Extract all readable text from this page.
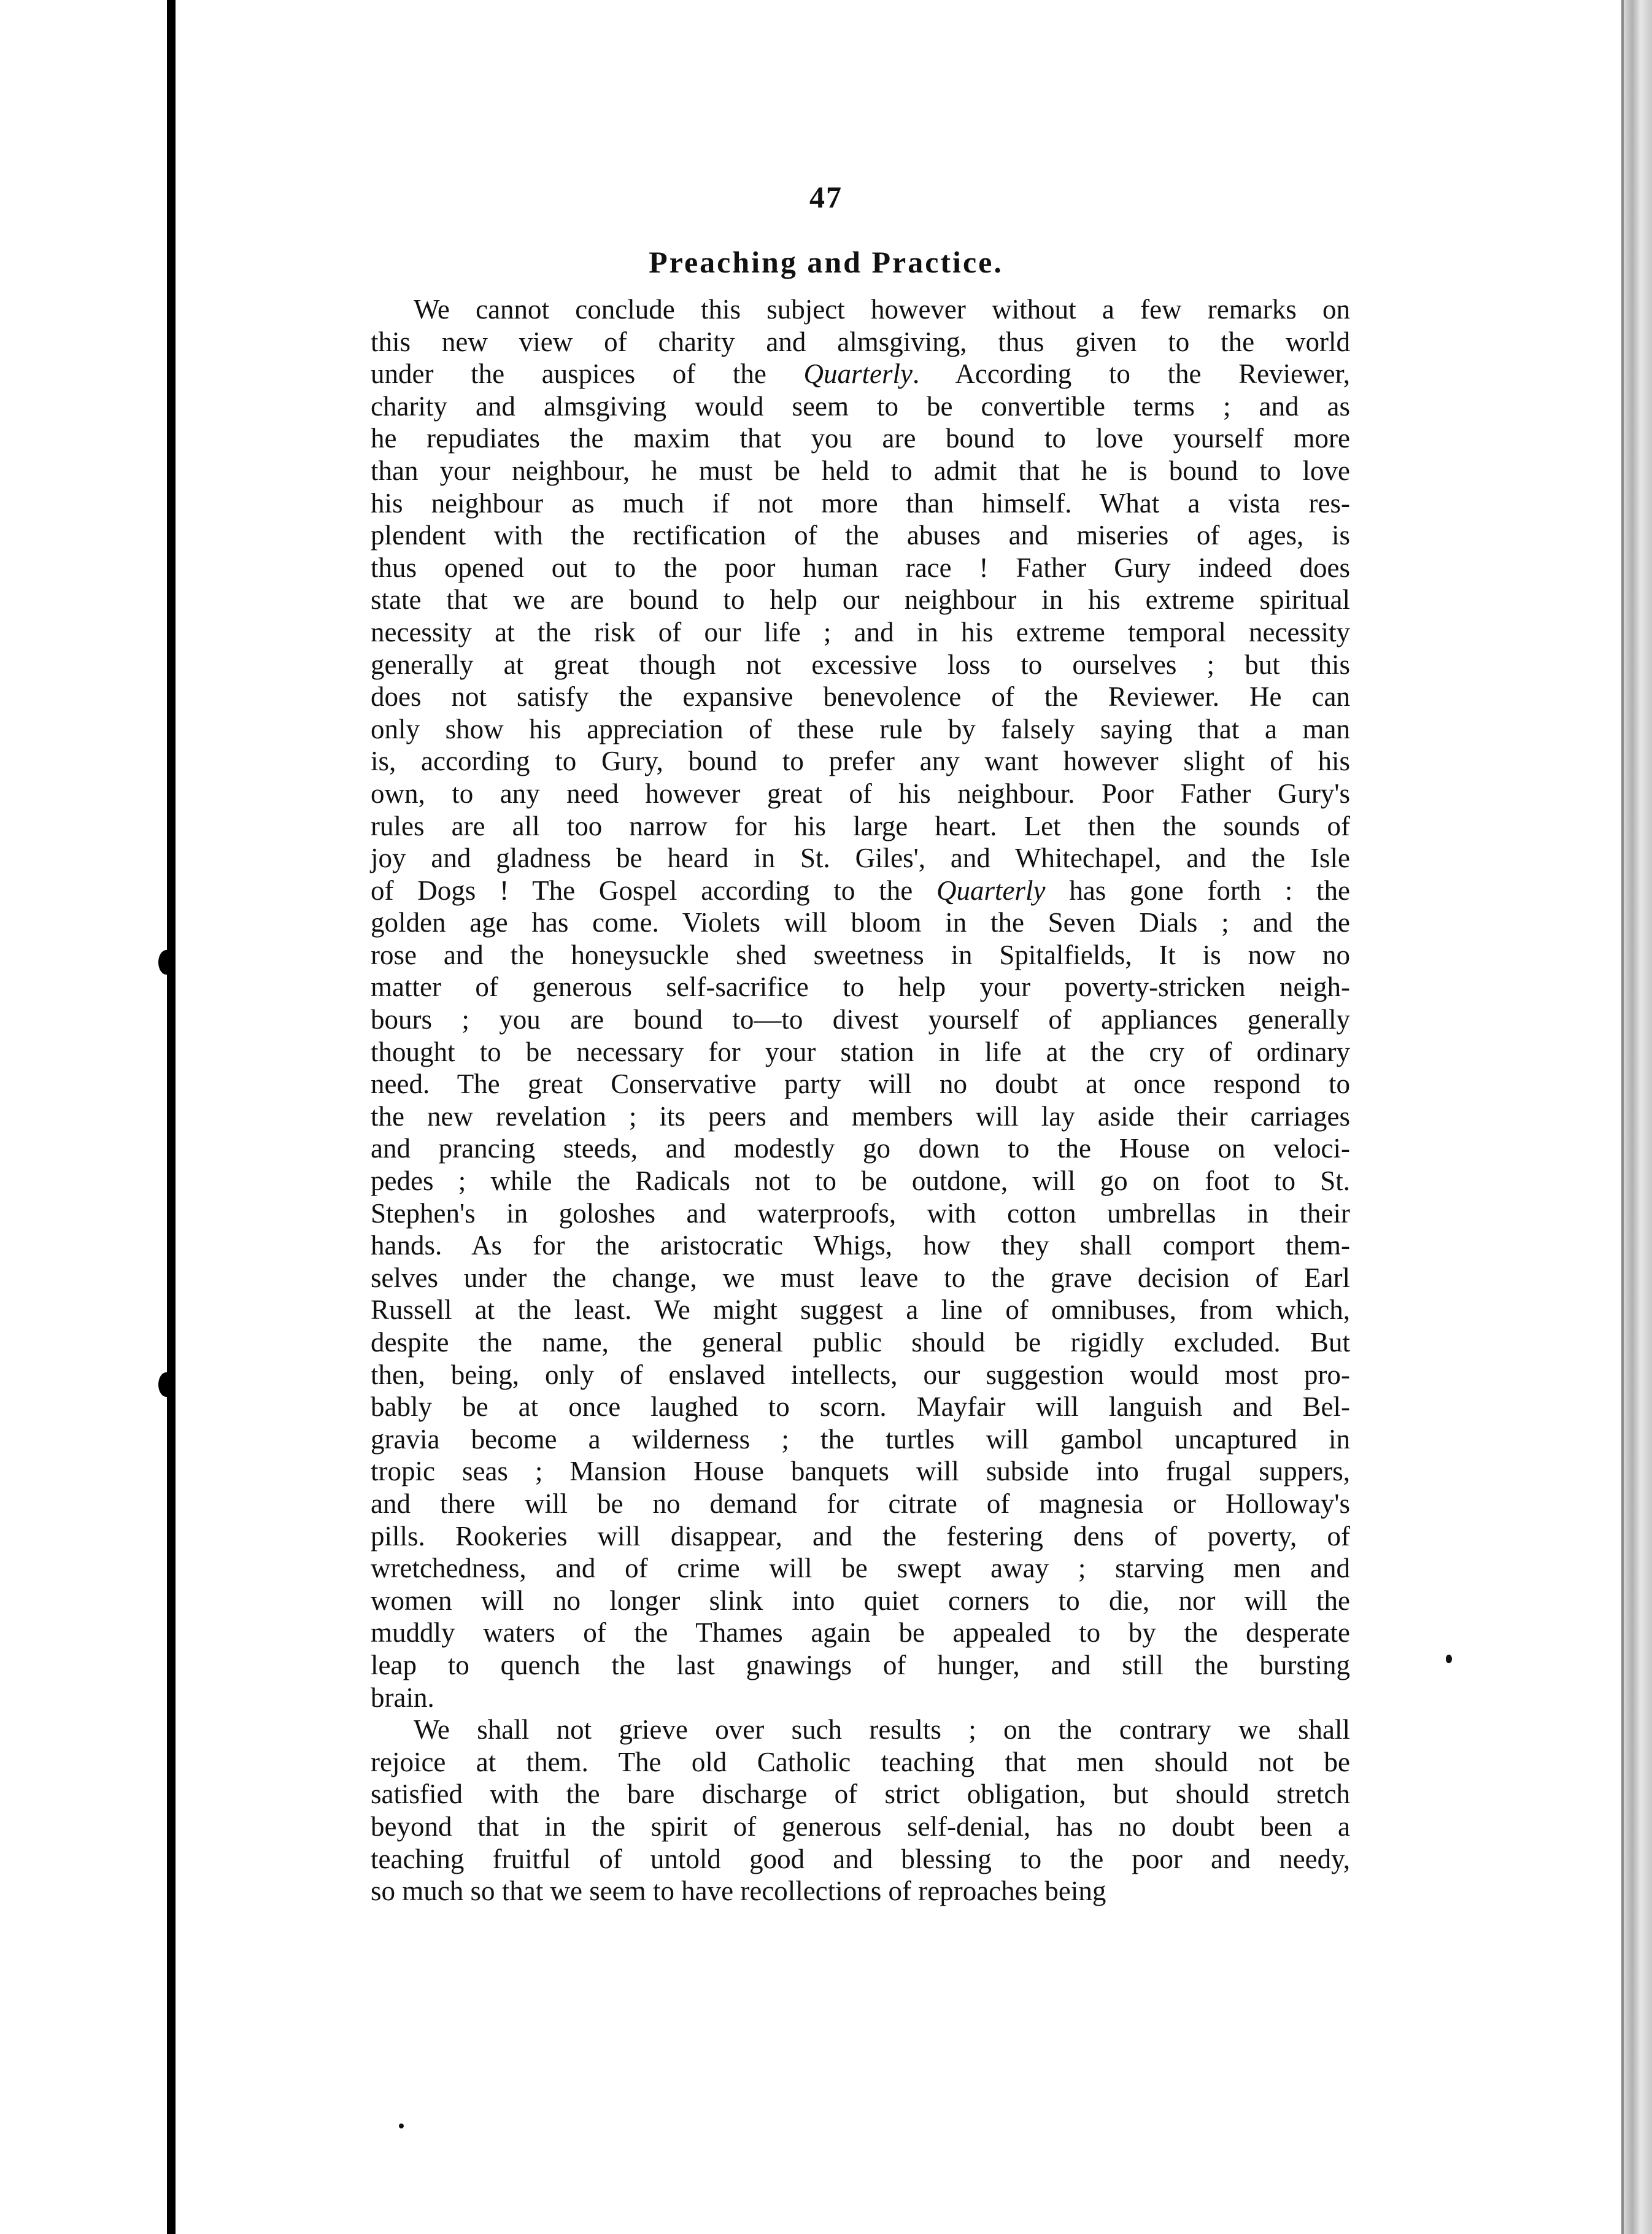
47
Preaching and Practice.
We cannot conclude this subject however without a few remarks on
this new view of charity and almsgiving, thus given to the world
under the auspices of the Quarterly. According to the Reviewer,
charity and almsgiving would seem to be convertible terms ; and as
he repudiates the maxim that you are bound to love yourself more
than your neighbour, he must be held to admit that he is bound to love
his neighbour as much if not more than himself. What a vista res-
plendent with the rectification of the abuses and miseries of ages, is
thus opened out to the poor human race ! Father Gury indeed does
state that we are bound to help our neighbour in his extreme spiritual
necessity at the risk of our life ; and in his extreme temporal necessity
generally at great though not excessive loss to ourselves ; but this
does not satisfy the expansive benevolence of the Reviewer. He can
only show his appreciation of these rule by falsely saying that a man
is, according to Gury, bound to prefer any want however slight of his
own, to any need however great of his neighbour. Poor Father Gury's
rules are all too narrow for his large heart. Let then the sounds of
joy and gladness be heard in St. Giles', and Whitechapel, and the Isle
of Dogs ! The Gospel according to the Quarterly has gone forth : the
golden age has come. Violets will bloom in the Seven Dials ; and the
rose and the honeysuckle shed sweetness in Spitalfields, It is now no
matter of generous self-sacrifice to help your poverty-stricken neigh-
bours ; you are bound to—to divest yourself of appliances generally
thought to be necessary for your station in life at the cry of ordinary
need. The great Conservative party will no doubt at once respond to
the new revelation ; its peers and members will lay aside their carriages
and prancing steeds, and modestly go down to the House on veloci-
pedes ; while the Radicals not to be outdone, will go on foot to St.
Stephen's in goloshes and waterproofs, with cotton umbrellas in their
hands. As for the aristocratic Whigs, how they shall comport them-
selves under the change, we must leave to the grave decision of Earl
Russell at the least. We might suggest a line of omnibuses, from which,
despite the name, the general public should be rigidly excluded. But
then, being, only of enslaved intellects, our suggestion would most pro-
bably be at once laughed to scorn. Mayfair will languish and Bel-
gravia become a wilderness ; the turtles will gambol uncaptured in
tropic seas ; Mansion House banquets will subside into frugal suppers,
and there will be no demand for citrate of magnesia or Holloway's
pills. Rookeries will disappear, and the festering dens of poverty, of
wretchedness, and of crime will be swept away ; starving men and
women will no longer slink into quiet corners to die, nor will the
muddly waters of the Thames again be appealed to by the desperate
leap to quench the last gnawings of hunger, and still the bursting
brain.
We shall not grieve over such results ; on the contrary we shall
rejoice at them. The old Catholic teaching that men should not be
satisfied with the bare discharge of strict obligation, but should stretch
beyond that in the spirit of generous self-denial, has no doubt been a
teaching fruitful of untold good and blessing to the poor and needy,
so much so that we seem to have recollections of reproaches being
